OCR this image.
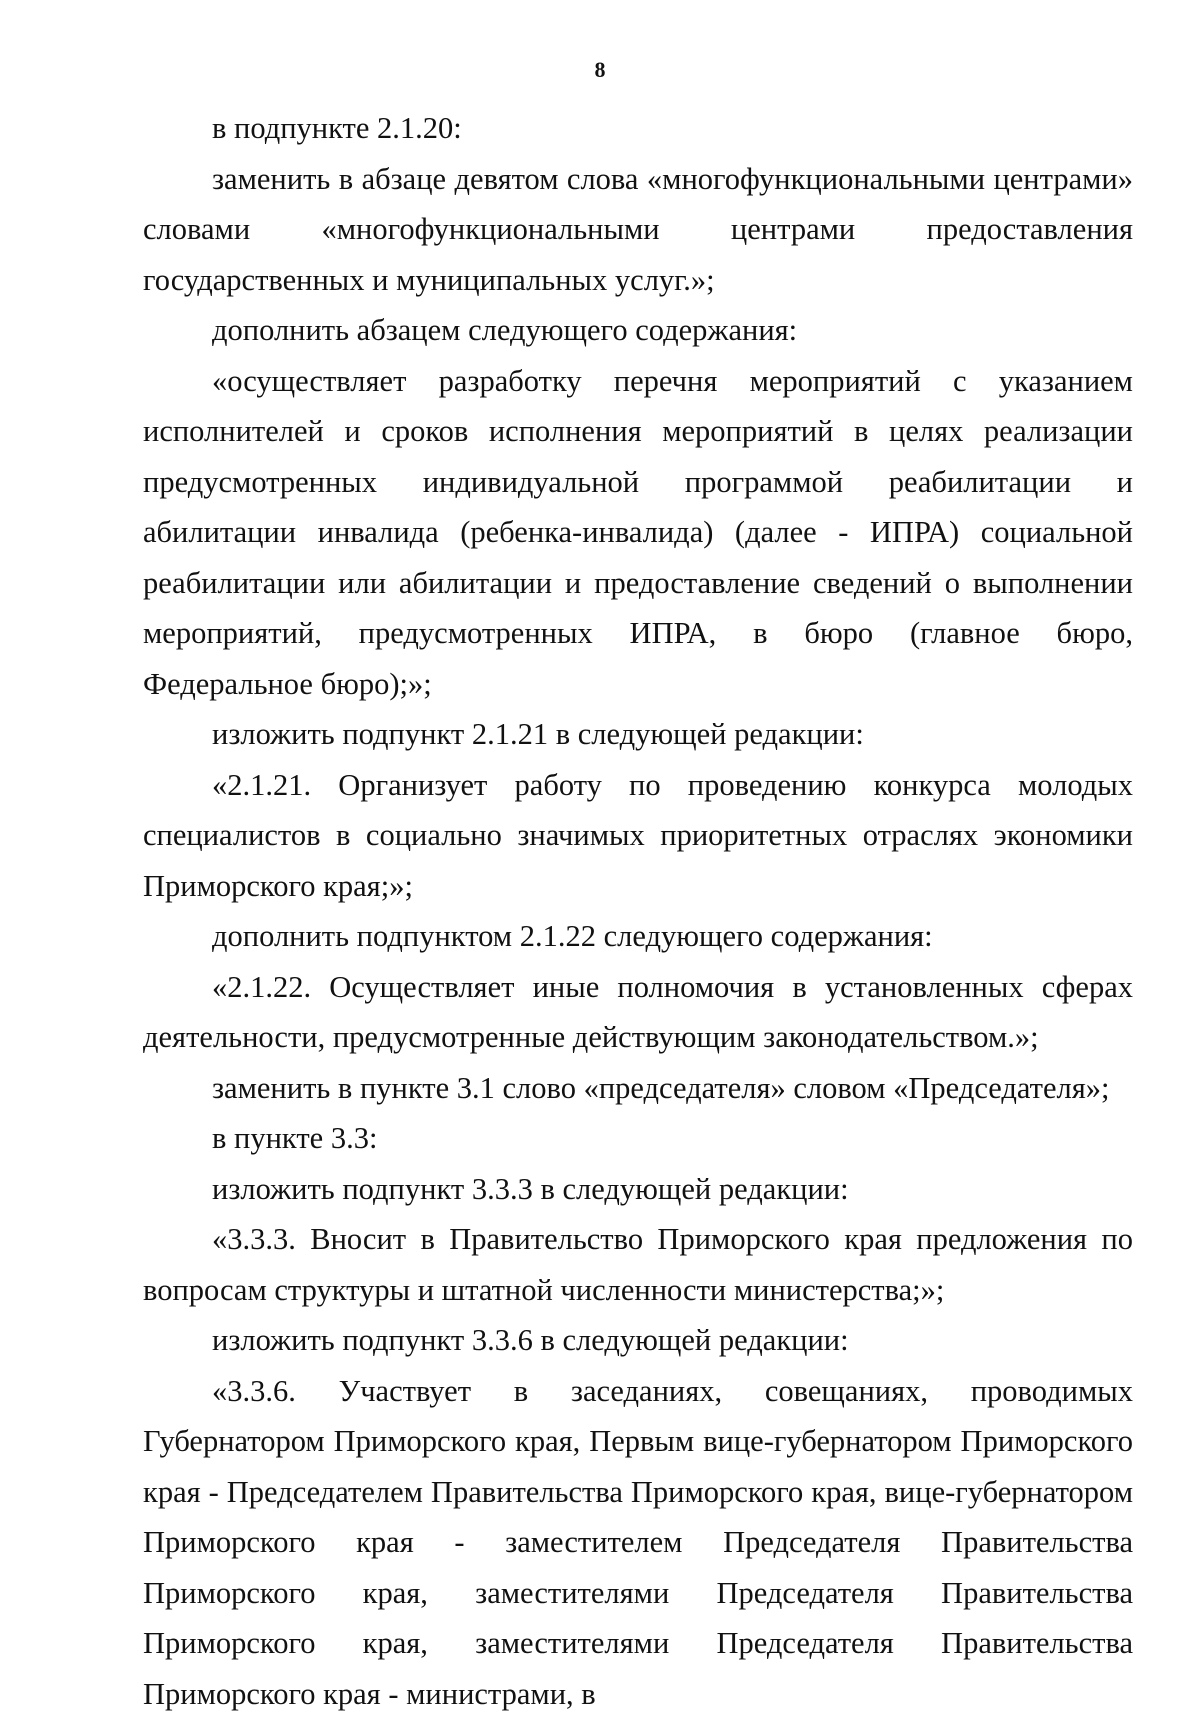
8

в подпункте 2.1.20:

заменить в абзаце девятом слова «многофункциональными центрами» словами «многофункциональными центрами предоставления государственных и муниципальных услуг.»;

дополнить абзацем следующего содержания:

«осуществляет разработку перечня мероприятий с указанием исполнителей и сроков исполнения мероприятий в целях реализации предусмотренных индивидуальной программой реабилитации и абилитации инвалида (ребенка-инвалида) (далее - ИПРА) социальной реабилитации или абилитации и предоставление сведений о выполнении мероприятий, предусмотренных ИПРА, в бюро (главное бюро, Федеральное бюро);»;

изложить подпункт 2.1.21 в следующей редакции:

«2.1.21. Организует работу по проведению конкурса молодых специалистов в социально значимых приоритетных отраслях экономики Приморского края;»;

дополнить подпунктом 2.1.22 следующего содержания:

«2.1.22. Осуществляет иные полномочия в установленных сферах деятельности, предусмотренные действующим законодательством.»;

заменить в пункте 3.1 слово «председателя» словом «Председателя»;

в пункте 3.3:

изложить подпункт 3.3.3 в следующей редакции:

«3.3.3. Вносит в Правительство Приморского края предложения по вопросам структуры и штатной численности министерства;»;

изложить подпункт 3.3.6 в следующей редакции:

«3.3.6. Участвует в заседаниях, совещаниях, проводимых Губернатором Приморского края, Первым вице-губернатором Приморского края - Председателем Правительства Приморского края, вице-губернатором Приморского края - заместителем Председателя Правительства Приморского края, заместителями Председателя Правительства Приморского края, заместителями Председателя Правительства Приморского края - министрами, в
